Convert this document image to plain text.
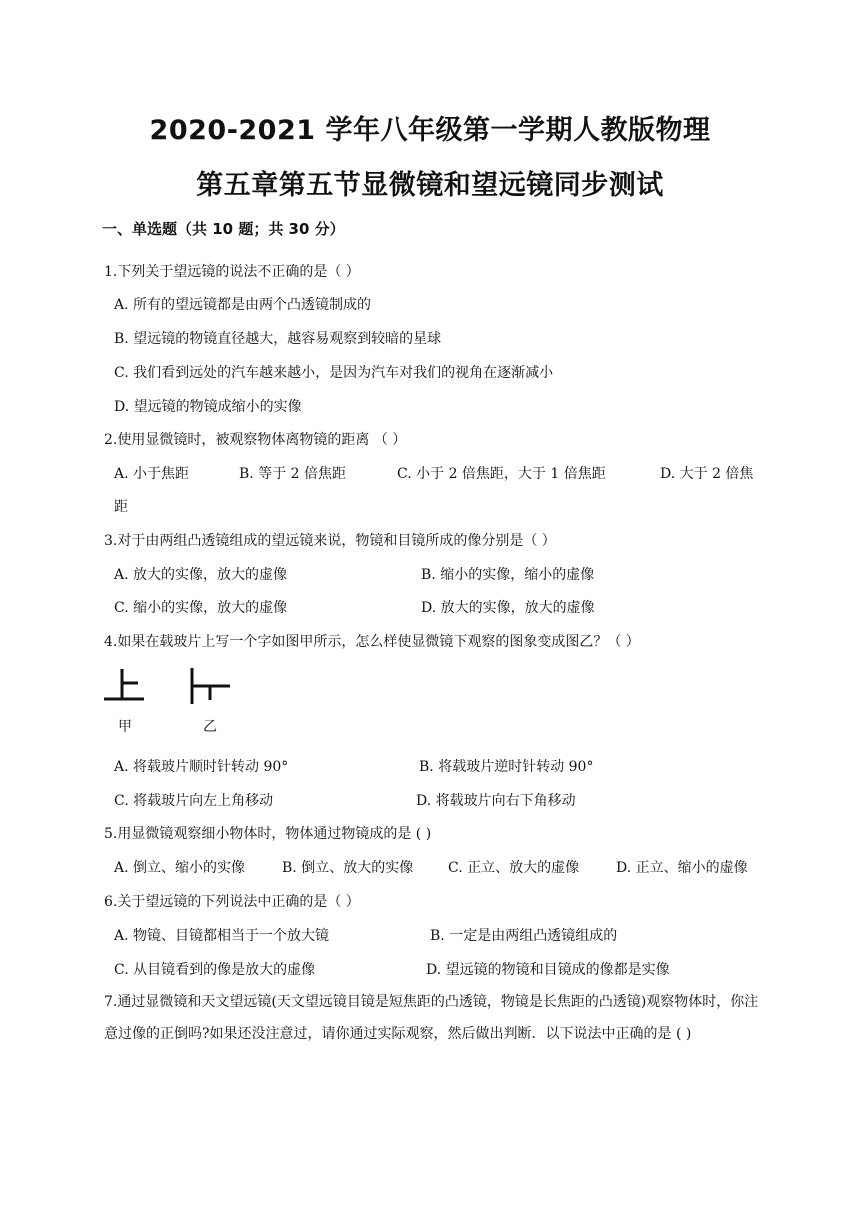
2020-2021 学年八年级第一学期人教版物理
第五章第五节显微镜和望远镜同步测试
一、单选题（共 10 题；共 30 分）
1.下列关于望远镜的说法不正确的是（ ）
A. 所有的望远镜都是由两个凸透镜制成的
B. 望远镜的物镜直径越大，越容易观察到较暗的星球
C. 我们看到远处的汽车越来越小，是因为汽车对我们的视角在逐渐减小
D. 望远镜的物镜成缩小的实像
2.使用显微镜时，被观察物体离物镜的距离 （ ）
A. 小于焦距	B. 等于 2 倍焦距	C. 小于 2 倍焦距，大于 1 倍焦距	D. 大于 2 倍焦
距
3.对于由两组凸透镜组成的望远镜来说，物镜和目镜所成的像分别是（ ）
A. 放大的实像，放大的虚像	B. 缩小的实像，缩小的虚像
C. 缩小的实像，放大的虚像	D. 放大的实像，放大的虚像
4.如果在载玻片上写一个字如图甲所示，怎么样使显微镜下观察的图象变成图乙？（ ）
甲	乙
A. 将载玻片顺时针转动 90°	B. 将载玻片逆时针转动 90°
C. 将载玻片向左上角移动	D. 将载玻片向右下角移动
5.用显微镜观察细小物体时，物体通过物镜成的是 ( )
A. 倒立、缩小的实像	B. 倒立、放大的实像 C. 正立、放大的虚像	D. 正立、缩小的虚像
6.关于望远镜的下列说法中正确的是（ ）
A. 物镜、目镜都相当于一个放大镜	B. 一定是由两组凸透镜组成的
C. 从目镜看到的像是放大的虚像	D. 望远镜的物镜和目镜成的像都是实像
7.通过显微镜和天文望远镜(天文望远镜目镜是短焦距的凸透镜，物镜是长焦距的凸透镜)观察物体时，你注意过像的正倒吗?如果还没注意过，请你通过实际观察，然后做出判断．以下说法中正确的是 ( )
